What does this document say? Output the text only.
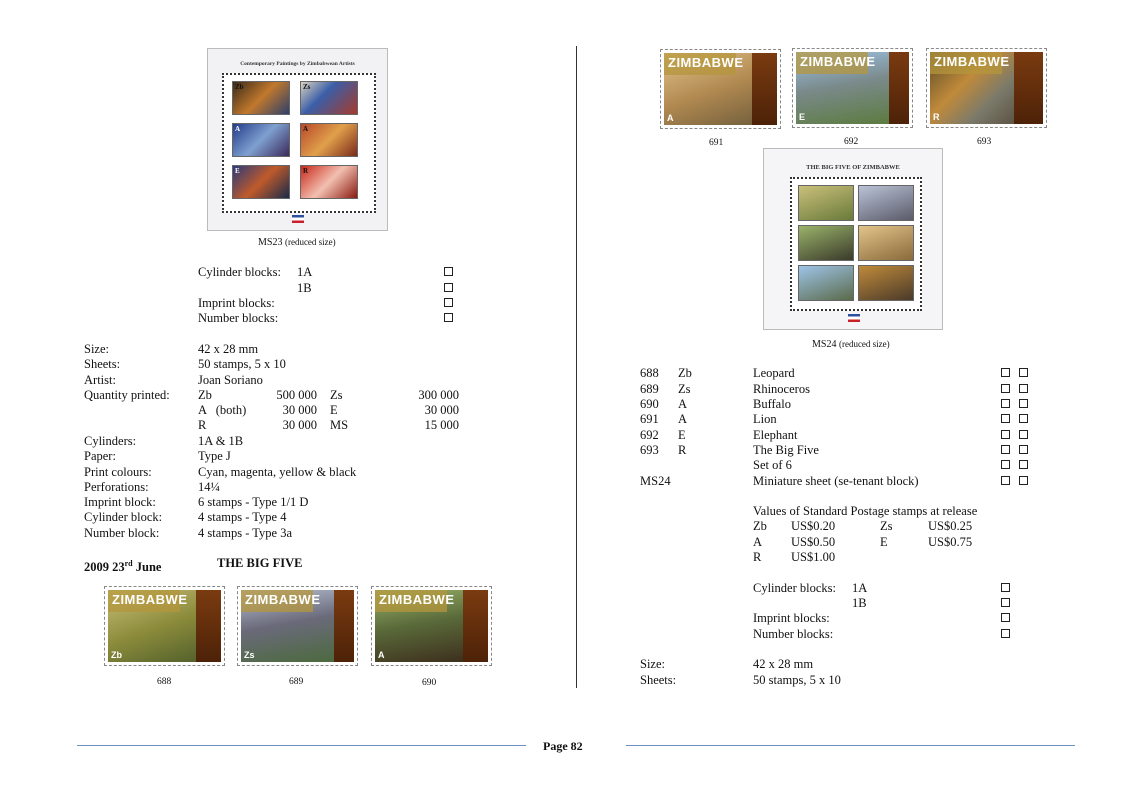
Contemporary Paintings by Zimbabwean Artists
Zb	Zs
A	A
E	R
MS23 (reduced size)
Cylinder blocks: 1A
1B
Imprint blocks:
Number blocks:
Size:	42 x 28 mm
Sheets:	50 stamps, 5 x 10
Artist:	Joan Soriano
Quantity printed: Zb	500 000 Zs	300 000
A   (both)	30 000 E	30 000
R	30 000 MS	15 000
Cylinders:	1A & 1B
Paper:	Type J
Print colours:	Cyan, magenta, yellow & black
Perforations:	14¼
Imprint block:	6 stamps - Type 1/1 D
Cylinder block:	4 stamps - Type 4
Number block:	4 stamps - Type 3a
2009 23rd June	THE BIG FIVE
ZIMBABWE
Zb
688
ZIMBABWE
Zs
689
ZIMBABWE
A
690
ZIMBABWE
A
691
ZIMBABWE
E
692
ZIMBABWE
R
693
THE BIG FIVE OF ZIMBABWE
MS24 (reduced size)
688 Zb	Leopard
689 Zs	Rhinoceros
690 A	Buffalo
691 A	Lion
692 E	Elephant
693 R	The Big Five
Set of 6
MS24	Miniature sheet (se-tenant block)
Values of Standard Postage stamps at release
Zb US$0.20	Zs	US$0.25
A US$0.50	E	US$0.75
R US$1.00
Cylinder blocks: 1A
1B
Imprint blocks:
Number blocks:
Size:	42 x 28 mm
Sheets:	50 stamps, 5 x 10
Page 82
